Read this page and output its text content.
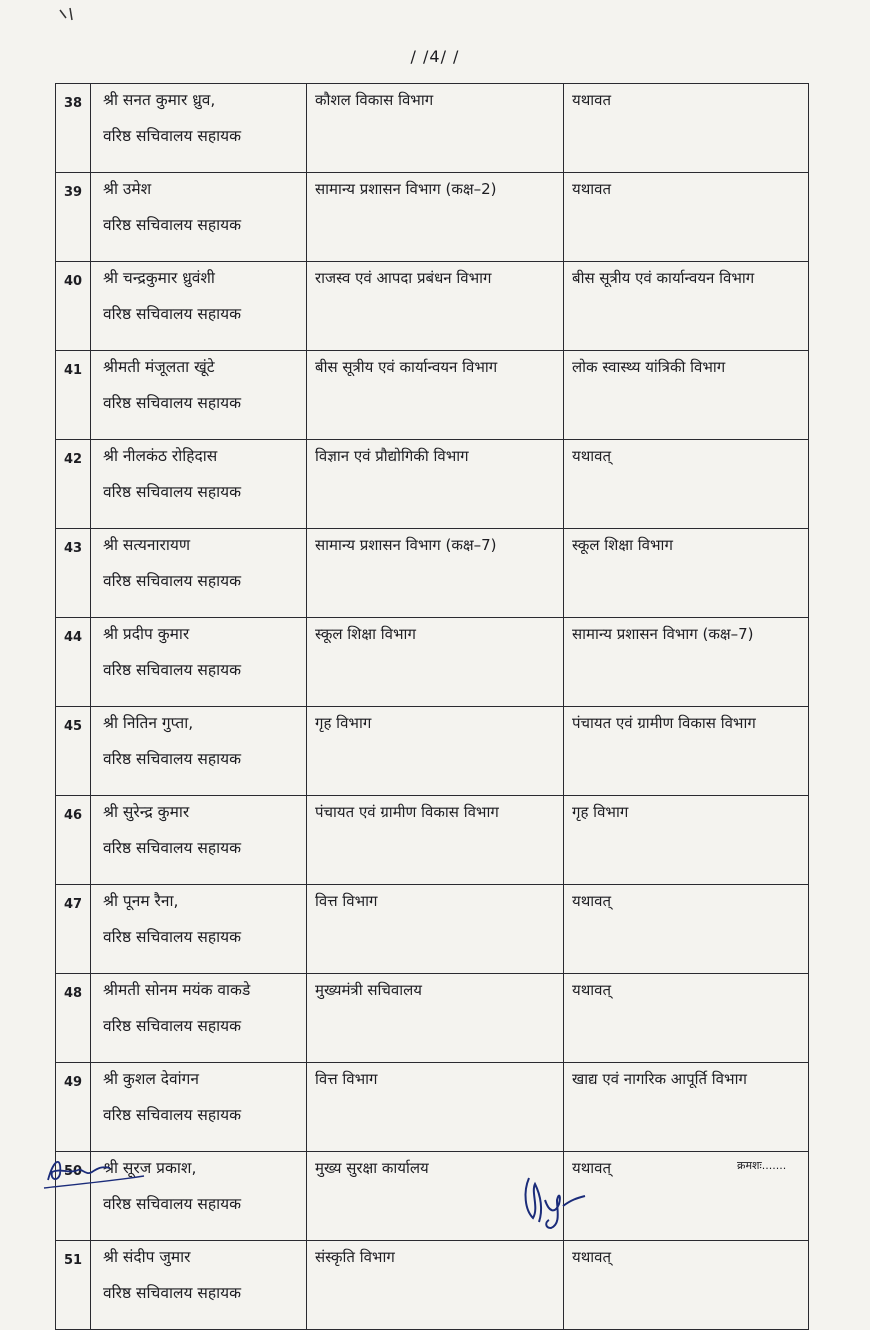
/ /4/ /
38	श्री सनत कुमार ध्रुव,
वरिष्ठ सचिवालय सहायक	कौशल विकास विभाग	यथावत
39	श्री उमेश
वरिष्ठ सचिवालय सहायक	सामान्य प्रशासन विभाग (कक्ष–2)	यथावत
40	श्री चन्द्रकुमार ध्रुवंशी
वरिष्ठ सचिवालय सहायक	राजस्व एवं आपदा प्रबंधन विभाग	बीस सूत्रीय एवं कार्यान्वयन विभाग
41	श्रीमती मंजूलता खूंटे
वरिष्ठ सचिवालय सहायक	बीस सूत्रीय एवं कार्यान्वयन विभाग	लोक स्वास्थ्य यांत्रिकी विभाग
42	श्री नीलकंठ रोहिदास
वरिष्ठ सचिवालय सहायक	विज्ञान एवं प्रौद्योगिकी विभाग	यथावत्
43	श्री सत्यनारायण
वरिष्ठ सचिवालय सहायक	सामान्य प्रशासन विभाग (कक्ष–7)	स्कूल शिक्षा विभाग
44	श्री प्रदीप कुमार
वरिष्ठ सचिवालय सहायक	स्कूल शिक्षा विभाग	सामान्य प्रशासन विभाग (कक्ष–7)
45	श्री नितिन गुप्ता,
वरिष्ठ सचिवालय सहायक	गृह विभाग	पंचायत एवं ग्रामीण विकास विभाग
46	श्री सुरेन्द्र कुमार
वरिष्ठ सचिवालय सहायक	पंचायत एवं ग्रामीण विकास विभाग	गृह विभाग
47	श्री पूनम रैना,
वरिष्ठ सचिवालय सहायक	वित्त विभाग	यथावत्
48	श्रीमती सोनम मयंक वाकडे
वरिष्ठ सचिवालय सहायक	मुख्यमंत्री सचिवालय	यथावत्
49	श्री कुशल देवांगन
वरिष्ठ सचिवालय सहायक	वित्त विभाग	खाद्य एवं नागरिक आपूर्ति विभाग
50	श्री सूरज प्रकाश,
वरिष्ठ सचिवालय सहायक	मुख्य सुरक्षा कार्यालय	यथावत्
51	श्री संदीप जुमार
वरिष्ठ सचिवालय सहायक	संस्कृति विभाग	यथावत्
क्रमशः.......
